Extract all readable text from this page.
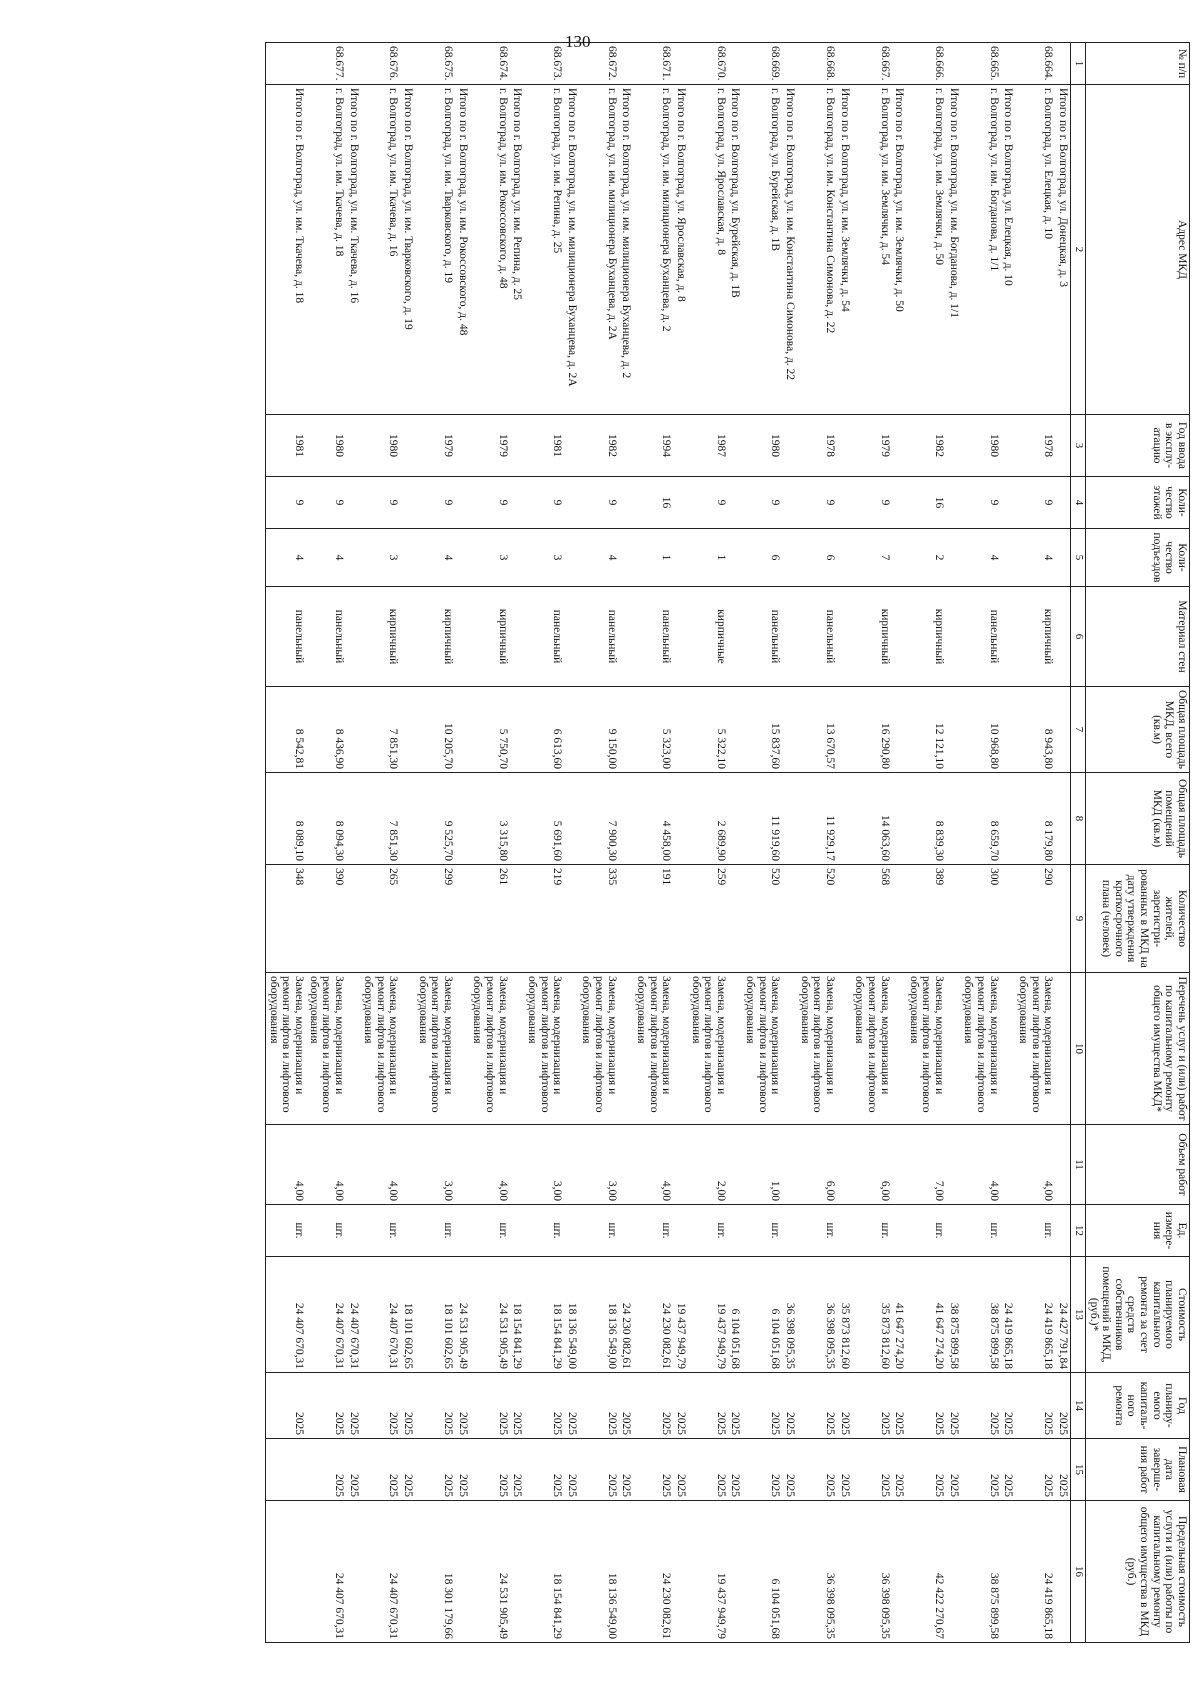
130
№ п/п	Адрес МКД	Год ввода в эксплу-атацию	Коли-чество этажей	Коли-чество подъездов	Материал стен	Общая площадь МКД, всего (кв.м)	Общая площадь помещений МКД (кв.м)	Количество жителей, зарегистри-рованных в МКД на дату утверждения краткосрочного плана (человек)	Перечень услуг и (или) работ по капитальному ремонту общего имущества МКД*	Объем работ	Ед. измере-ния	Стоимость планируемого капитального ремонта за счет средств собственников помещений в МКД, (руб.)*	Год планиру-емого капиталь-ного ремонта	Плановая дата заверше-ния работ	Предельная стоимость услуги и (или) работы по капитальному ремонту общего имущества в МКД (руб.)
1	2	3	4	5	6	7	8	9	10	11	12	13	14	15	16
	Итого по г. Волгоград, ул. Донецкая, д. 3											24 427 791,84	2025	2025	
68.664.	г. Волгоград, ул. Елецкая, д. 10	1978	9	4	кирпичный	8 943,80	8 179,80	290	Замена, модернизация и ремонт лифтов и лифтового оборудования	4,00	шт.	24 419 865,18	2025	2025	24 419 865,18
	Итого по г. Волгоград, ул. Елецкая, д. 10											24 419 865,18	2025	2025	
68.665.	г. Волгоград, ул. им. Богданова, д. 1/1	1980	9	4	панельный	10 968,80	8 659,70	300	Замена, модернизация и ремонт лифтов и лифтового оборудования	4,00	шт.	38 875 899,58	2025	2025	38 875 899,58
	Итого по г. Волгоград, ул. им. Богданова, д. 1/1											38 875 899,58	2025	2025	
68.666.	г. Волгоград, ул. им. Землячки, д. 50	1982	16	2	кирпичный	12 121,10	8 839,30	389	Замена, модернизация и ремонт лифтов и лифтового оборудования	7,00	шт.	41 647 274,20	2025	2025	42 422 270,67
	Итого по г. Волгоград, ул. им. Землячки, д. 50											41 647 274,20	2025	2025	
68.667.	г. Волгоград, ул. им. Землячки, д. 54	1979	9	7	кирпичный	16 290,80	14 063,60	568	Замена, модернизация и ремонт лифтов и лифтового оборудования	6,00	шт.	35 873 812,60	2025	2025	36 398 095,35
	Итого по г. Волгоград, ул. им. Землячки, д. 54											35 873 812,60	2025	2025	
68.668.	г. Волгоград, ул. им. Константина Симонова, д. 22	1978	9	6	панельный	13 670,57	11 929,17	520	Замена, модернизация и ремонт лифтов и лифтового оборудования	6,00	шт.	36 398 095,35	2025	2025	36 398 095,35
	Итого по г. Волгоград, ул. им. Константина Симонова, д. 22											36 398 095,35	2025	2025	
68.669.	г. Волгоград, ул. Бурейская, д. 1В	1980	9	6	панельный	15 837,60	11 919,60	520	Замена, модернизация и ремонт лифтов и лифтового оборудования	1,00	шт.	6 104 051,68	2025	2025	6 104 051,68
	Итого по г. Волгоград, ул. Бурейская, д. 1В											6 104 051,68	2025	2025	
68.670.	г. Волгоград, ул. Ярославская, д. 8	1987	9	1	кирпичные	5 322,10	2 689,90	259	Замена, модернизация и ремонт лифтов и лифтового оборудования	2,00	шт.	19 437 949,79	2025	2025	19 437 949,79
	Итого по г. Волгоград, ул. Ярославская, д. 8											19 437 949,79	2025	2025	
68.671.	г. Волгоград, ул. им. милиционера Буханцева, д. 2	1994	16	1	панельный	5 323,00	4 458,00	191	Замена, модернизация и ремонт лифтов и лифтового оборудования	4,00	шт.	24 230 082,61	2025	2025	24 230 082,61
	Итого по г. Волгоград, ул. им. милиционера Буханцева, д. 2											24 230 082,61	2025	2025	
68.672.	г. Волгоград, ул. им. милиционера Буханцева, д. 2А	1982	9	4	панельный	9 150,00	7 900,30	335	Замена, модернизация и ремонт лифтов и лифтового оборудования	3,00	шт.	18 136 549,00	2025	2025	18 136 549,00
	Итого по г. Волгоград, ул. им. милиционера Буханцева, д. 2А											18 136 549,00	2025	2025	
68.673.	г. Волгоград, ул. им. Репина, д. 25	1981	9	3	панельный	6 613,60	5 691,60	219	Замена, модернизация и ремонт лифтов и лифтового оборудования	3,00	шт.	18 154 841,29	2025	2025	18 154 841,29
	Итого по г. Волгоград, ул. им. Репина, д. 25											18 154 841,29	2025	2025	
68.674.	г. Волгоград, ул. им. Рокоссовского, д. 48	1979	9	3	кирпичный	5 750,70	3 315,80	261	Замена, модернизация и ремонт лифтов и лифтового оборудования	4,00	шт.	24 531 905,49	2025	2025	24 531 905,49
	Итого по г. Волгоград, ул. им. Рокоссовского, д. 48											24 531 905,49	2025	2025	
68.675.	г. Волгоград, ул. им. Тварковского, д. 19	1979	9	4	кирпичный	10 205,70	9 525,70	299	Замена, модернизация и ремонт лифтов и лифтового оборудования	3,00	шт.	18 101 602,65	2025	2025	18 301 179,66
	Итого по г. Волгоград, ул. им. Тварковского, д. 19											18 101 602,65	2025	2025	
68.676.	г. Волгоград, ул. им. Ткачева, д. 16	1980	9	3	кирпичный	7 851,30	7 851,30	265	Замена, модернизация и ремонт лифтов и лифтового оборудования	4,00	шт.	24 407 670,31	2025	2025	24 407 670,31
	Итого по г. Волгоград, ул. им. Ткачева, д. 16											24 407 670,31	2025	2025	
68.677.	г. Волгоград, ул. им. Ткачева, д. 18	1980	9	4	панельный	8 436,90	8 094,30	390	Замена, модернизация и ремонт лифтов и лифтового оборудования	4,00	шт.	24 407 670,31	2025	2025	24 407 670,31
	Итого по г. Волгоград, ул. им. Ткачева, д. 18	1981	9	4	панельный	8 542,81	8 089,10	348	Замена, модернизация и ремонт лифтов и лифтового оборудования	4,00	шт.	24 407 670,31	2025		
